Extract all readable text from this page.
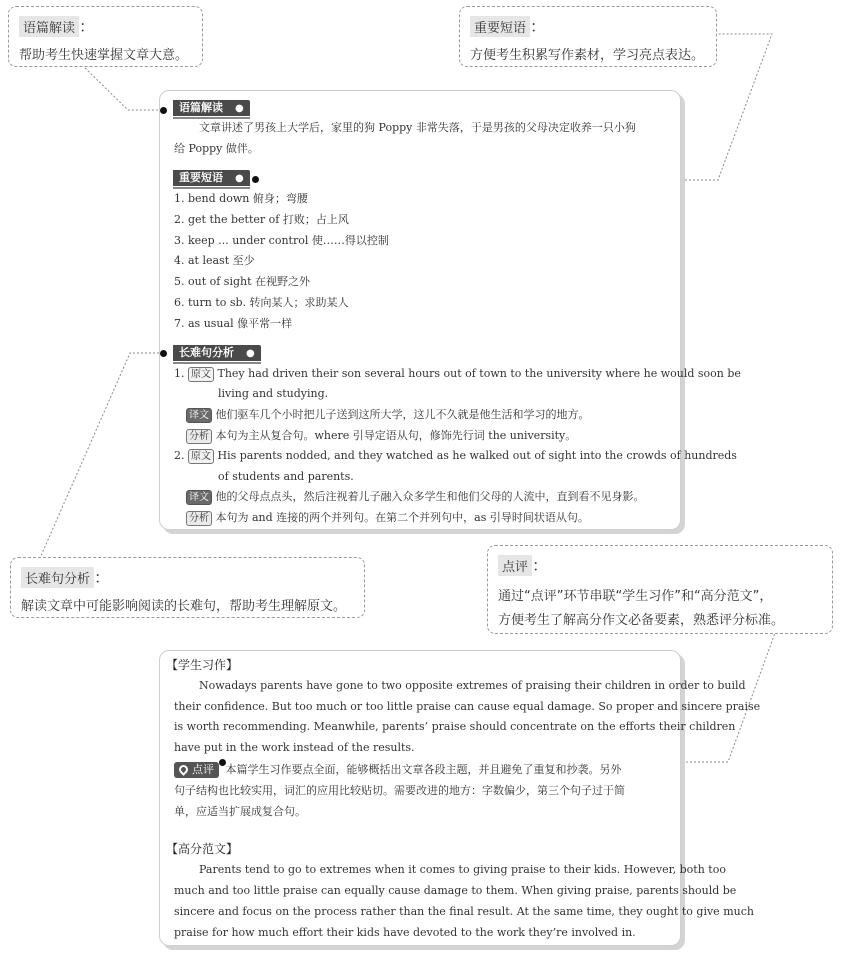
语篇解读 ：
帮助考生快速掌握文章大意。
重要短语 ：
方便考生积累写作素材，学习亮点表达。
长难句分析 ：
解读文章中可能影响阅读的长难句，帮助考生理解原文。
点评 ：
通过“点评”环节串联“学生习作”和“高分范文”，
方便考生了解高分作文必备要素，熟悉评分标准。
语篇解读 ●
文章讲述了男孩上大学后，家里的狗 Poppy 非常失落，于是男孩的父母决定收养一只小狗
给 Poppy 做伴。
重要短语 ●
1. bend down 俯身；弯腰
2. get the better of 打败；占上风
3. keep ... under control 使……得以控制
4. at least 至少
5. out of sight 在视野之外
6. turn to sb. 转向某人；求助某人
7. as usual 像平常一样
长难句分析 ●
1. 原文 They had driven their son several hours out of town to the university where he would soon be
living and studying.
译文 他们驱车几个小时把儿子送到这所大学，这儿不久就是他生活和学习的地方。
分析 本句为主从复合句。where 引导定语从句，修饰先行词 the university。
2. 原文 His parents nodded, and they watched as he walked out of sight into the crowds of hundreds
of students and parents.
译文 他的父母点点头，然后注视着儿子融入众多学生和他们父母的人流中，直到看不见身影。
分析 本句为 and 连接的两个并列句。在第二个并列句中，as 引导时间状语从句。
【学生习作】
Nowadays parents have gone to two opposite extremes of praising their children in order to build
their confidence. But too much or too little praise can cause equal damage. So proper and sincere praise
is worth recommending. Meanwhile, parents’ praise should concentrate on the efforts their children
have put in the work instead of the results.
点评 本篇学生习作要点全面，能够概括出文章各段主题，并且避免了重复和抄袭。另外
句子结构也比较实用，词汇的应用比较贴切。需要改进的地方：字数偏少，第三个句子过于简
单，应适当扩展成复合句。
【高分范文】
Parents tend to go to extremes when it comes to giving praise to their kids. However, both too
much and too little praise can equally cause damage to them. When giving praise, parents should be
sincere and focus on the process rather than the final result. At the same time, they ought to give much
praise for how much effort their kids have devoted to the work they’re involved in.
